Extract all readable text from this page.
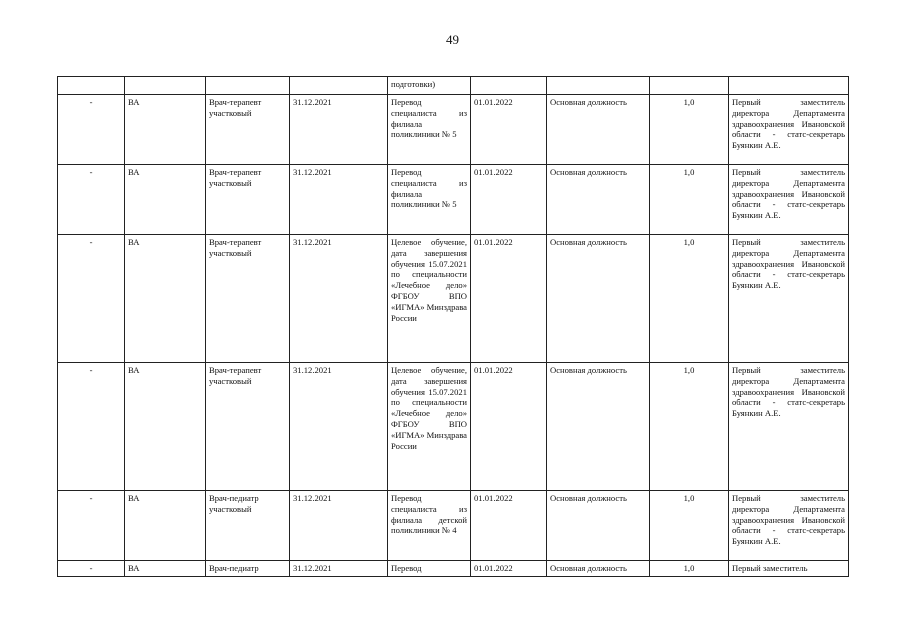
49
				подготовки)				
-	ВА	Врач-терапевт участковый	31.12.2021	Перевод специалиста из филиала поликлиники № 5	01.01.2022	Основная должность	1,0	Первый заместитель директора Департамента здравоохранения Ивановской области - статс-секретарь Буянкин А.Е.
-	ВА	Врач-терапевт участковый	31.12.2021	Перевод специалиста из филиала поликлиники № 5	01.01.2022	Основная должность	1,0	Первый заместитель директора Департамента здравоохранения Ивановской области - статс-секретарь Буянкин А.Е.
-	ВА	Врач-терапевт участковый	31.12.2021	Целевое обучение, дата завершения обучения 15.07.2021 по специальности «Лечебное дело» ФГБОУ ВПО «ИГМА» Минздрава России	01.01.2022	Основная должность	1,0	Первый заместитель директора Департамента здравоохранения Ивановской области - статс-секретарь Буянкин А.Е.
-	ВА	Врач-терапевт участковый	31.12.2021	Целевое обучение, дата завершения обучения 15.07.2021 по специальности «Лечебное дело» ФГБОУ ВПО «ИГМА» Минздрава России	01.01.2022	Основная должность	1,0	Первый заместитель директора Департамента здравоохранения Ивановской области - статс-секретарь Буянкин А.Е.
-	ВА	Врач-педиатр участковый	31.12.2021	Перевод специалиста из филиала детской поликлиники № 4	01.01.2022	Основная должность	1,0	Первый заместитель директора Департамента здравоохранения Ивановской области - статс-секретарь Буянкин А.Е.
-	ВА	Врач-педиатр	31.12.2021	Перевод	01.01.2022	Основная должность	1,0	Первый заместитель
